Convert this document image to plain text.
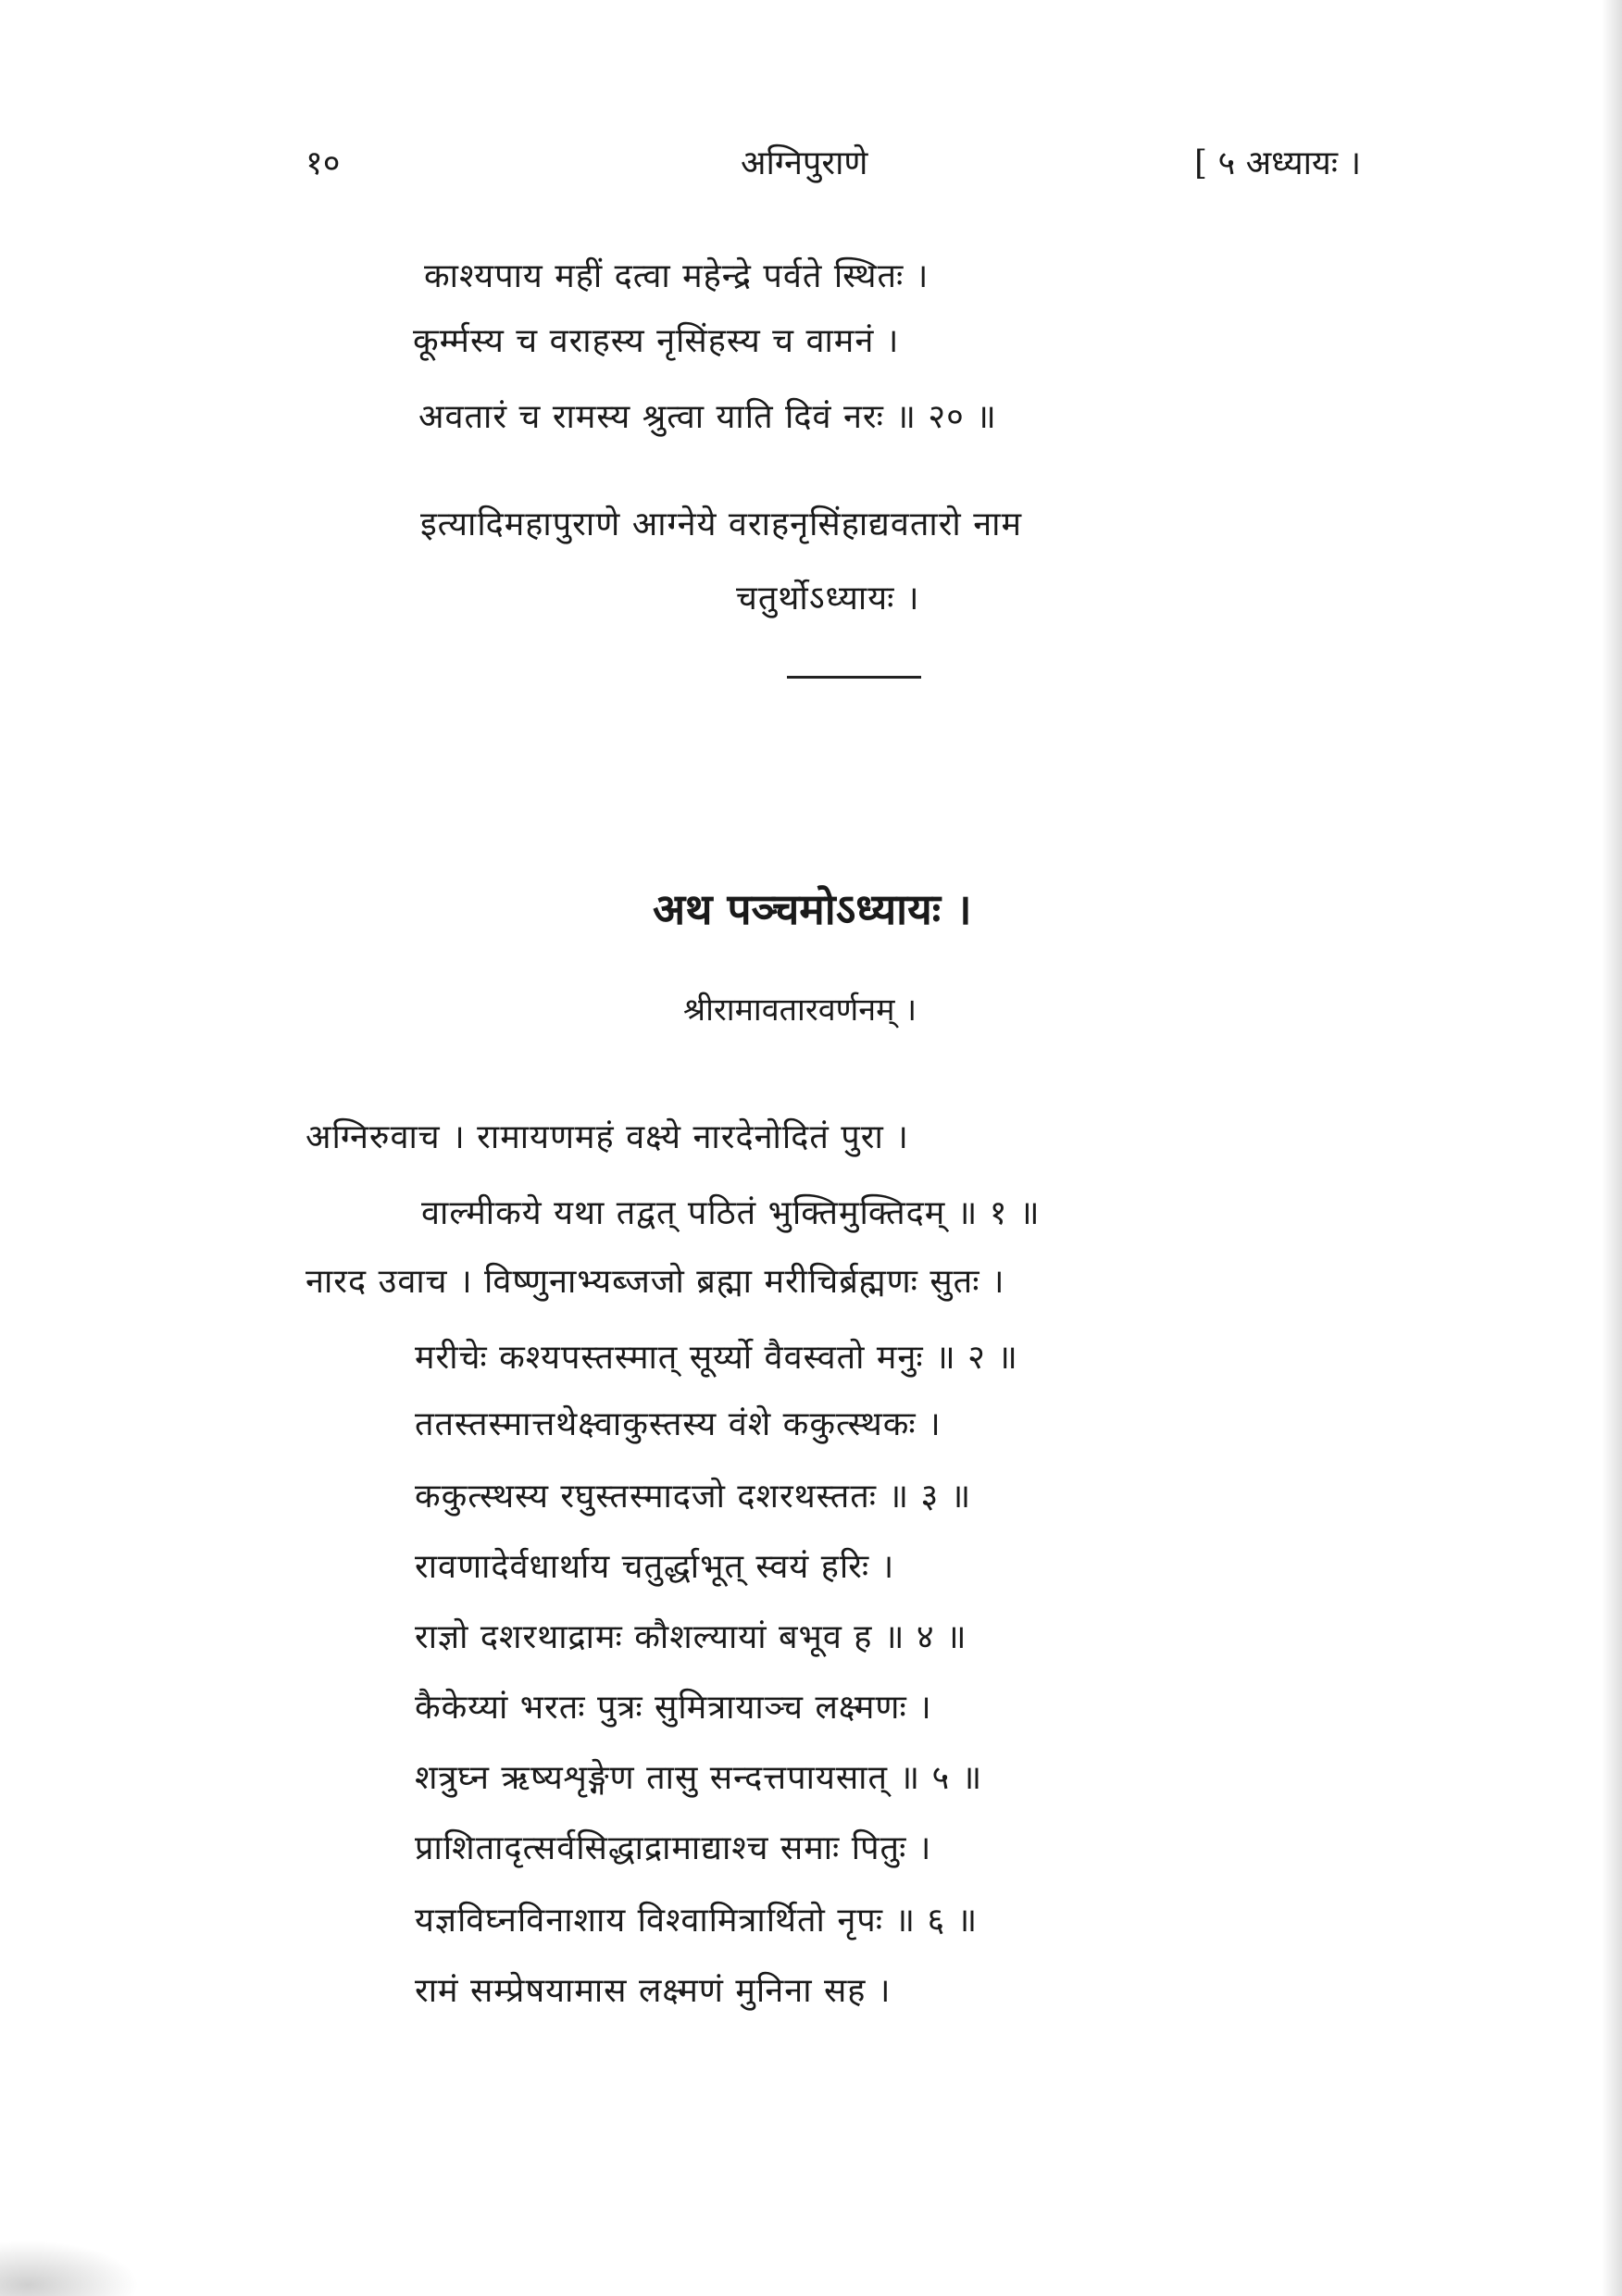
१०	अग्निपुराणे	[ ५ अध्यायः ।
काश्यपाय महीं दत्वा महेन्द्रे पर्वते स्थितः ।
कूर्म्मस्य च वराहस्य नृसिंहस्य च वामनं ।
अवतारं च रामस्य श्रुत्वा याति दिवं नरः ॥ २० ॥
इत्यादिमहापुराणे आग्नेये वराहनृसिंहाद्यवतारो नाम
चतुर्थोऽध्यायः ।
अथ पञ्चमोऽध्यायः ।
श्रीरामावतारवर्णनम् ।
अग्निरुवाच । रामायणमहं वक्ष्ये नारदेनोदितं पुरा ।
वाल्मीकये यथा तद्वत् पठितं भुक्तिमुक्तिदम् ॥ १ ॥
नारद उवाच । विष्णुनाभ्यब्जजो ब्रह्मा मरीचिर्ब्रह्मणः सुतः ।
मरीचेः कश्यपस्तस्मात् सूर्य्यो वैवस्वतो मनुः ॥ २ ॥
ततस्तस्मात्तथेक्ष्वाकुस्तस्य वंशे ककुत्स्थकः ।
ककुत्स्थस्य रघुस्तस्मादजो दशरथस्ततः ॥ ३ ॥
रावणादेर्वधार्थाय चतुर्द्धाभूत् स्वयं हरिः ।
राज्ञो दशरथाद्रामः कौशल्यायां बभूव ह ॥ ४ ॥
कैकेय्यां भरतः पुत्रः सुमित्रायाञ्च लक्ष्मणः ।
शत्रुघ्न ऋष्यशृङ्गेण तासु सन्दत्तपायसात् ॥ ५ ॥
प्राशितादृत्सर्वसिद्धाद्रामाद्याश्च समाः पितुः ।
यज्ञविघ्नविनाशाय विश्वामित्रार्थितो नृपः ॥ ६ ॥
रामं सम्प्रेषयामास लक्ष्मणं मुनिना सह ।
